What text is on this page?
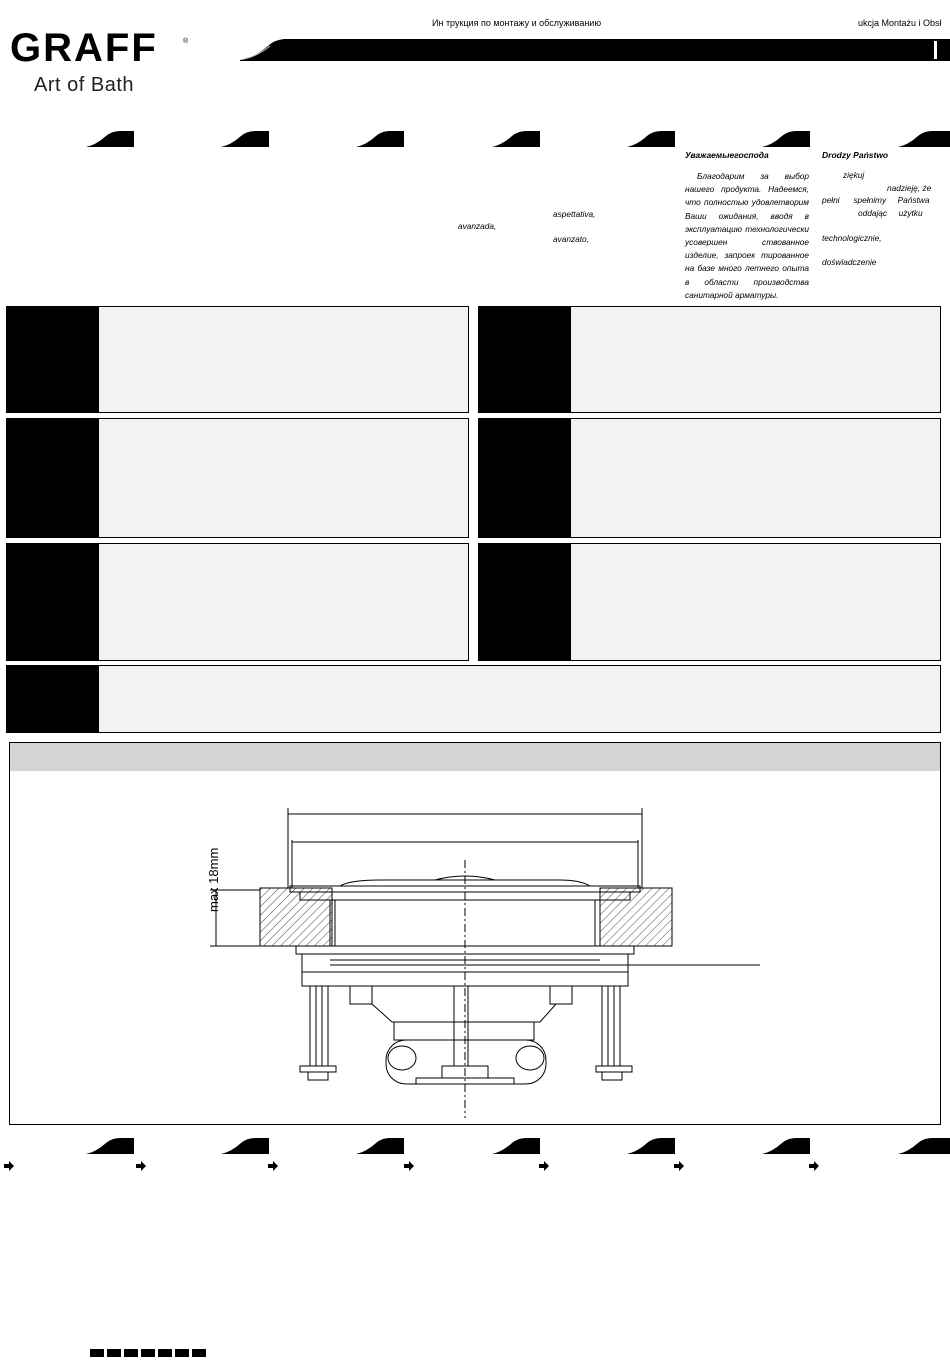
Ин трукция по монтажу и обслуживанию	ukcja Montażu i Obsł
GRAFF	®
Art of Bath
aspettativa,
avanzada,
avanzato,
Уважаемыегоспода
Благодарим за выбор нашего продукта. Надеемся, что полностью удовлетворим Ваши ожидания, вводя в эксплуатацию технологически усовершен ствованное изделие, запроек тированное на базе много летнего опыта в области производства санитарной арматуры.
Drodzy Państwo
ziękuj
nadzieję, że
pełni      spełnimy     Państwa
oddając     użytku
technologicznie,
doświadczenie
max 18mm
